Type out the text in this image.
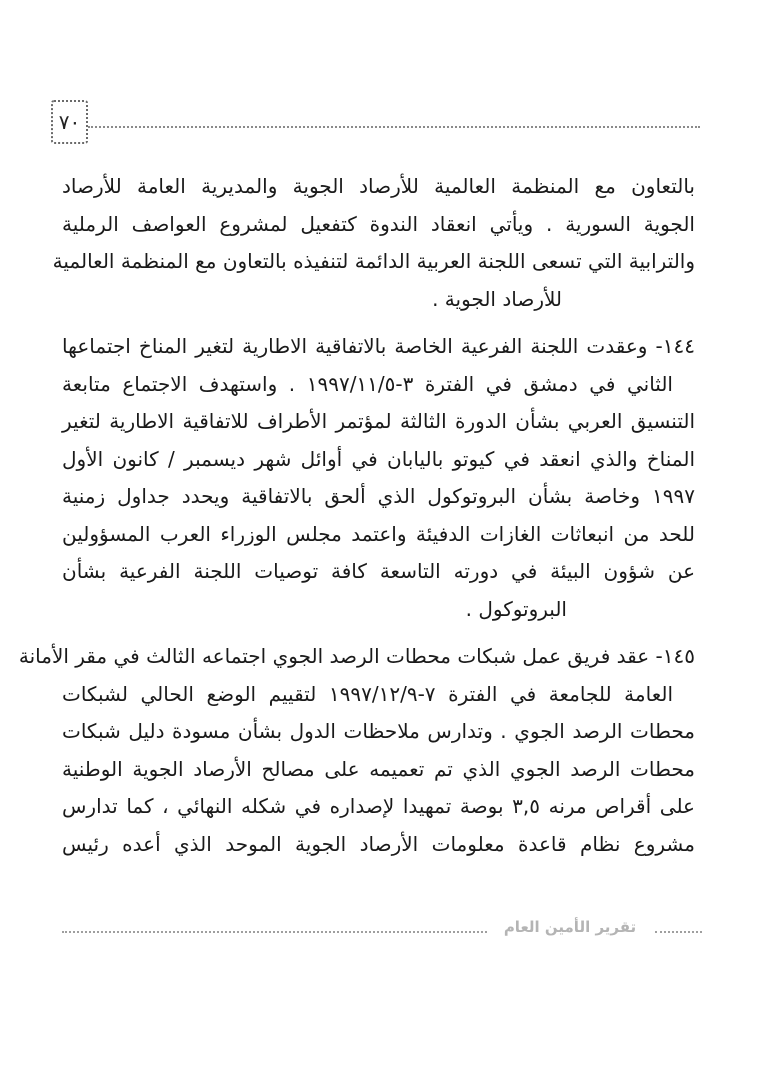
٧٠
بالتعاون مع المنظمة العالمية للأرصاد الجوية والمديرية العامة للأرصاد
الجوية السورية . ويأتي انعقاد الندوة كتفعيل لمشروع العواصف الرملية
والترابية التي تسعى اللجنة العربية الدائمة لتنفيذه بالتعاون مع المنظمة العالمية
للأرصاد الجوية .
١٤٤- وعقدت اللجنة الفرعية الخاصة بالاتفاقية الاطارية لتغير المناخ اجتماعها
الثاني في دمشق في الفترة ٣-١٩٩٧/١١/٥ . واستهدف الاجتماع متابعة
التنسيق العربي بشأن الدورة الثالثة لمؤتمر الأطراف للاتفاقية الاطارية لتغير
المناخ والذي انعقد في كيوتو باليابان في أوائل شهر ديسمبر / كانون الأول
١٩٩٧ وخاصة بشأن البروتوكول الذي ألحق بالاتفاقية ويحدد جداول زمنية
للحد من انبعاثات الغازات الدفيئة واعتمد مجلس الوزراء العرب المسؤولين
عن شؤون البيئة في دورته التاسعة كافة توصيات اللجنة الفرعية بشأن
البروتوكول .
١٤٥- عقد فريق عمل شبكات محطات الرصد الجوي اجتماعه الثالث في مقر الأمانة
العامة للجامعة في الفترة ٧-١٩٩٧/١٢/٩ لتقييم الوضع الحالي لشبكات
محطات الرصد الجوي . وتدارس ملاحظات الدول بشأن مسودة دليل شبكات
محطات الرصد الجوي الذي تم تعميمه على مصالح الأرصاد الجوية الوطنية
على أقراص مرنه ٣,٥ بوصة تمهيدا لإصداره في شكله النهائي ، كما تدارس
مشروع نظام قاعدة معلومات الأرصاد الجوية الموحد الذي أعده رئيس
تقرير الأمين العام
